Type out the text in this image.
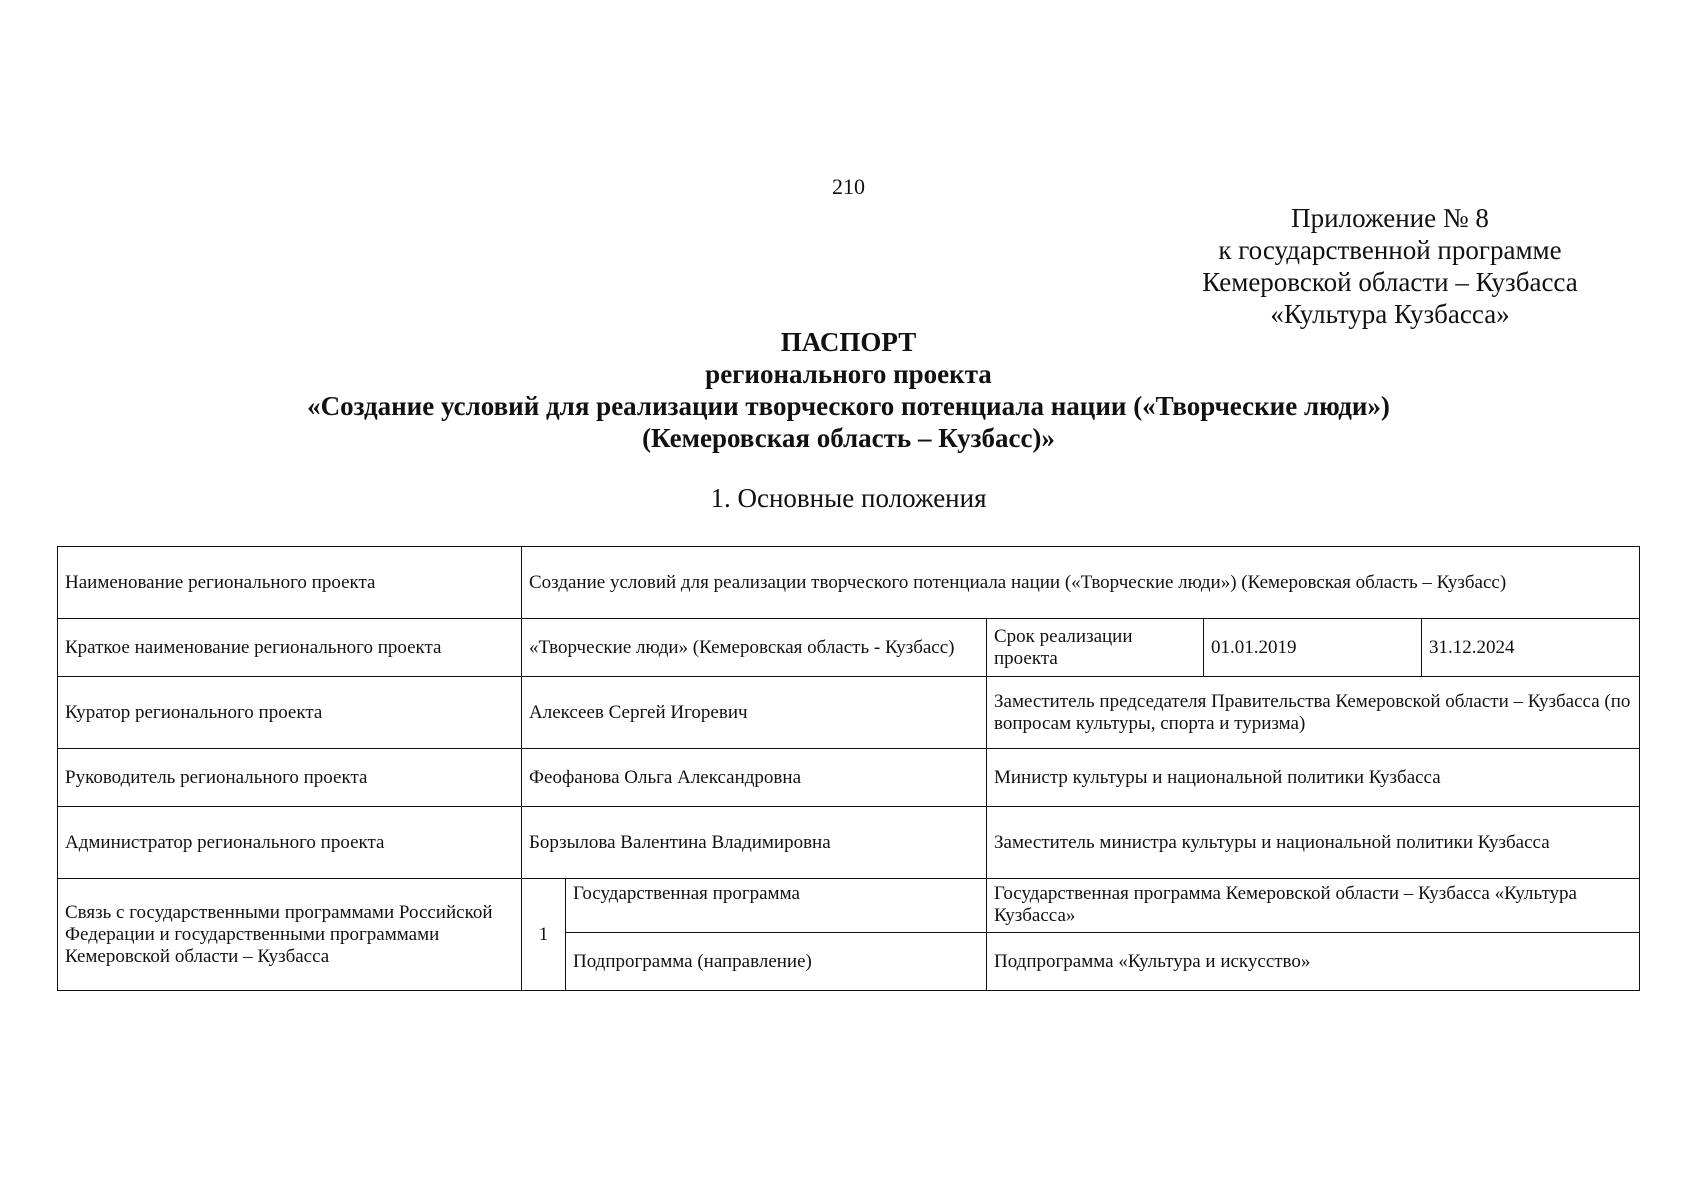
210
Приложение № 8
к государственной программе
Кемеровской области – Кузбасса
«Культура Кузбасса»
ПАСПОРТ
регионального проекта
«Создание условий для реализации творческого потенциала нации («Творческие люди»)
(Кемеровская область – Кузбасс)»
1. Основные положения
Наименование регионального проекта	Создание условий для реализации творческого потенциала нации («Творческие люди») (Кемеровская область – Кузбасс)				
Краткое наименование регионального проекта	«Творческие люди» (Кемеровская область - Кузбасс)		Срок реализации проекта	01.01.2019	31.12.2024
Куратор регионального проекта	Алексеев Сергей Игоревич		Заместитель председателя Правительства Кемеровской области – Кузбасса (по вопросам культуры, спорта и туризма)		
Руководитель регионального проекта	Феофанова Ольга Александровна		Министр культуры и национальной политики Кузбасса		
Администратор регионального проекта	Борзылова Валентина Владимировна		Заместитель министра культуры и национальной политики Кузбасса		
Связь с государственными программами Российской Федерации и государственными программами Кемеровской области – Кузбасса	1	Государственная программа	Государственная программа Кемеровской области – Кузбасса «Культура Кузбасса»		
		Подпрограмма (направление)	Подпрограмма «Культура и искусство»		
